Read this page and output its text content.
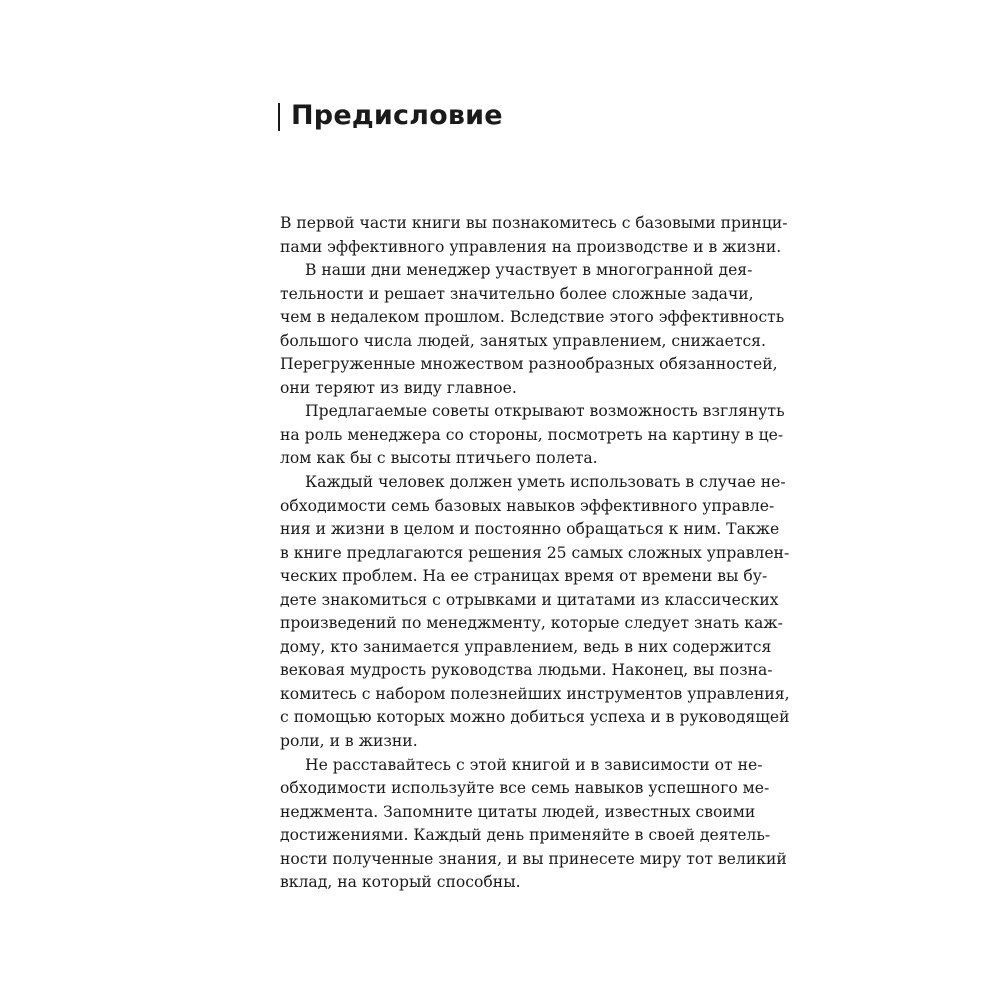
Предисловие
В первой части книги вы познакомитесь с базовыми принци-
пами эффективного управления на производстве и в жизни.
В наши дни менеджер участвует в многогранной дея-
тельности и решает значительно более сложные задачи,
чем в недалеком прошлом. Вследствие этого эффективность
большого числа людей, занятых управлением, снижается.
Перегруженные множеством разнообразных обязанностей,
они теряют из виду главное.
Предлагаемые советы открывают возможность взглянуть
на роль менеджера со стороны, посмотреть на картину в це-
лом как бы с высоты птичьего полета.
Каждый человек должен уметь использовать в случае не-
обходимости семь базовых навыков эффективного управле-
ния и жизни в целом и постоянно обращаться к ним. Также
в книге предлагаются решения 25 самых сложных управлен-
ческих проблем. На ее страницах время от времени вы бу-
дете знакомиться с отрывками и цитатами из классических
произведений по менеджменту, которые следует знать каж-
дому, кто занимается управлением, ведь в них содержится
вековая мудрость руководства людьми. Наконец, вы позна-
комитесь с набором полезнейших инструментов управления,
с помощью которых можно добиться успеха и в руководящей
роли, и в жизни.
Не расставайтесь с этой книгой и в зависимости от не-
обходимости используйте все семь навыков успешного ме-
неджмента. Запомните цитаты людей, известных своими
достижениями. Каждый день применяйте в своей деятель-
ности полученные знания, и вы принесете миру тот великий
вклад, на который способны.
